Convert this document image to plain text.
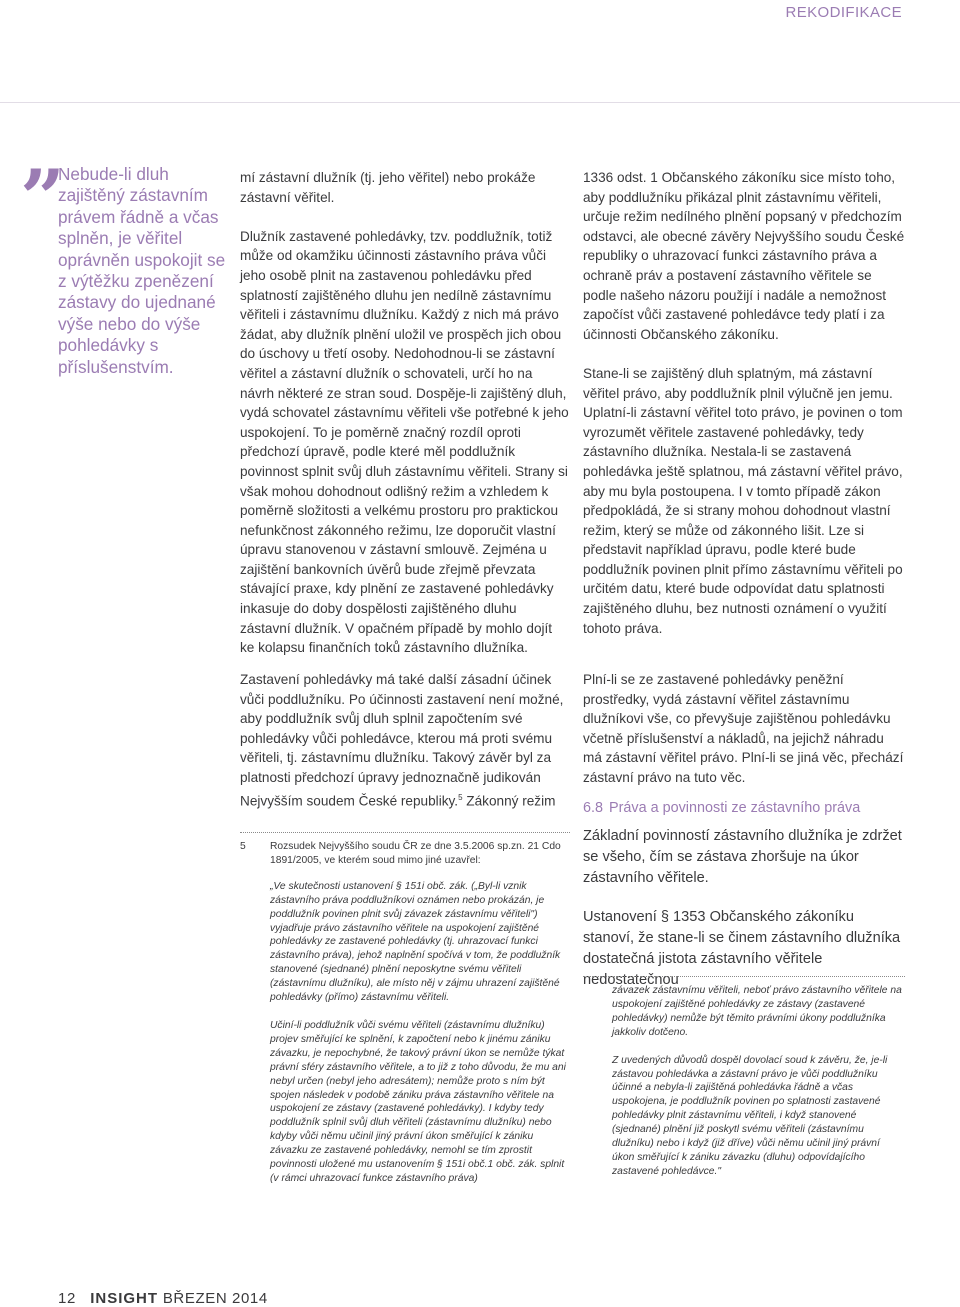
REKODIFIKACE
”

Nebude-li dluh zajištěný zástavním právem řádně a včas splněn, je věřitel oprávněn uspokojit se z výtěžku zpenězení zástavy do ujednané výše nebo do výše pohledávky s příslušenstvím.

mí zástavní dlužník (tj. jeho věřitel) nebo prokáže zástavní věřitel.

Dlužník zastavené pohledávky, tzv. poddlužník, totiž může od okamžiku účinnosti zástavního práva vůči jeho osobě plnit na zastavenou pohledávku před splatností zajištěného dluhu jen nedílně zástavnímu věřiteli i zástavnímu dlužníku. Každý z nich má právo žádat, aby dlužník plnění uložil ve prospěch jich obou do úschovy u třetí osoby. Nedohodnou-li se zástavní věřitel a zástavní dlužník o schovateli, určí ho na návrh některé ze stran soud. Dospěje-li zajištěný dluh, vydá schovatel zástavnímu věřiteli vše potřebné k jeho uspokojení. To je poměrně značný rozdíl oproti předchozí úpravě, podle které měl poddlužník povinnost splnit svůj dluh zástavnímu věřiteli. Strany si však mohou dohodnout odlišný režim a vzhledem k poměrně složitosti a velkému prostoru pro praktickou nefunkčnost zákonného režimu, lze doporučit vlastní úpravu stanovenou v zástavní smlouvě. Zejména u zajištění bankovních úvěrů bude zřejmě převzata stávající praxe, kdy plnění ze zastavené pohledávky inkasuje do doby dospělosti zajištěného dluhu zástavní dlužník. V opačném případě by mohlo dojít ke kolapsu finančních toků zástavního dlužníka.

Zastavení pohledávky má také další zásadní účinek vůči poddlužníku. Po účinnosti zastavení není možné, aby poddlužník svůj dluh splnil započtením své pohledávky vůči pohledávce, kterou má proti svému věřiteli, tj. zástavnímu dlužníku. Takový závěr byl za platnosti předchozí úpravy jednoznačně judikován Nejvyšším soudem České republiky.$^5$ Zákonný režim

5	Rozsudek Nejvyššího soudu ČR ze dne 3.5.2006 sp.zn. 21 Cdo 1891/2005, ve kterém soud mimo jiné uzavřel:

„Ve skutečnosti ustanovení § 151i obč. zák. („Byl-li vznik zástavního práva poddlužníkovi oznámen nebo prokázán, je poddlužník povinen plnit svůj závazek zástavnímu věřiteli") vyjadřuje právo zástavního věřitele na uspokojení zajištěné pohledávky ze zastavené pohledávky (tj. uhrazovací funkci zástavního práva), jehož naplnění spočívá v tom, že poddlužník stanovené (sjednané) plnění neposkytne svému věřiteli (zástavnímu dlužníku), ale místo něj v zájmu uhrazení zajištěné pohledávky (přímo) zástavnímu věřiteli.

Učiní-li poddlužník vůči svému věřiteli (zástavnímu dlužníku) projev směřující ke splnění, k započtení nebo k jinému zániku závazku, je nepochybné, že takový právní úkon se nemůže týkat právní sféry zástavního věřitele, a to již z toho důvodu, že mu ani nebyl určen (nebyl jeho adresátem); nemůže proto s ním být spojen následek v podobě zániku práva zástavního věřitele na uspokojení ze zástavy (zastavené pohledávky). I kdyby tedy poddlužník splnil svůj dluh věřiteli (zástavnímu dlužníku) nebo kdyby vůči němu učinil jiný právní úkon směřující k zániku závazku ze zastavené pohledávky, nemohl se tím zprostit povinnosti uložené mu ustanovením § 151i obč.1 obč. zák. splnit (v rámci uhrazovací funkce zástavního práva)

1336 odst. 1 Občanského zákoníku sice místo toho, aby poddlužníku přikázal plnit zástavnímu věřiteli, určuje režim nedílného plnění popsaný v předchozím odstavci, ale obecné závěry Nejvyššího soudu České republiky o uhrazovací funkci zástavního práva a ochraně práv a postavení zástavního věřitele se podle našeho názoru použijí i nadále a nemožnost započíst vůči zastavené pohledávce tedy platí i za účinnosti Občanského zákoníku.

Stane-li se zajištěný dluh splatným, má zástavní věřitel právo, aby poddlužník plnil výlučně jen jemu. Uplatní-li zástavní věřitel toto právo, je povinen o tom vyrozumět věřitele zastavené pohledávky, tedy zástavního dlužníka. Nestala-li se zastavená pohledávka ještě splatnou, má zástavní věřitel právo, aby mu byla postoupena. I v tomto případě zákon předpokládá, že si strany mohou dohodnout vlastní režim, který se může od zákonného lišit. Lze si představit například úpravu, podle které bude poddlužník povinen plnit přímo zástavnímu věřiteli po určitém datu, které bude odpovídat datu splatnosti zajištěného dluhu, bez nutnosti oznámení o využití tohoto práva.

Plní-li se ze zastavené pohledávky peněžní prostředky, vydá zástavní věřitel zástavnímu dlužníkovi vše, co převyšuje zajištěnou pohledávku včetně příslušenství a nákladů, na jejichž náhradu má zástavní věřitel právo. Plní-li se jiná věc, přechází zástavní právo na tuto věc.

6.8 Práva a povinnosti ze zástavního práva

Základní povinností zástavního dlužníka je zdržet se všeho, čím se zástava zhoršuje na úkor zástavního věřitele.

Ustanovení § 1353 Občanského zákoníku stanoví, že stane-li se činem zástavního dlužníka dostatečná jistota zástavního věřitele nedostatečnou

závazek zástavnímu věřiteli, neboť právo zástavního věřitele na uspokojení zajištěné pohledávky ze zástavy (zastavené pohledávky) nemůže být těmito právními úkony poddlužníka jakkoliv dotčeno.

Z uvedených důvodů dospěl dovolací soud k závěru, že, je-li zástavou pohledávka a zástavní právo je vůči poddlužníku účinné a nebyla-li zajištěná pohledávka řádně a včas uspokojena, je poddlužník povinen po splatnosti zastavené pohledávky plnit zástavnímu věřiteli, i když stanovené (sjednané) plnění již poskytl svému věřiteli (zástavnímu dlužníku) nebo i když (již dříve) vůči němu učinil jiný právní úkon směřující k zániku závazku (dluhu) odpovídajícího zastavené pohledávce."

12 INSIGHT BŘEZEN 2014
